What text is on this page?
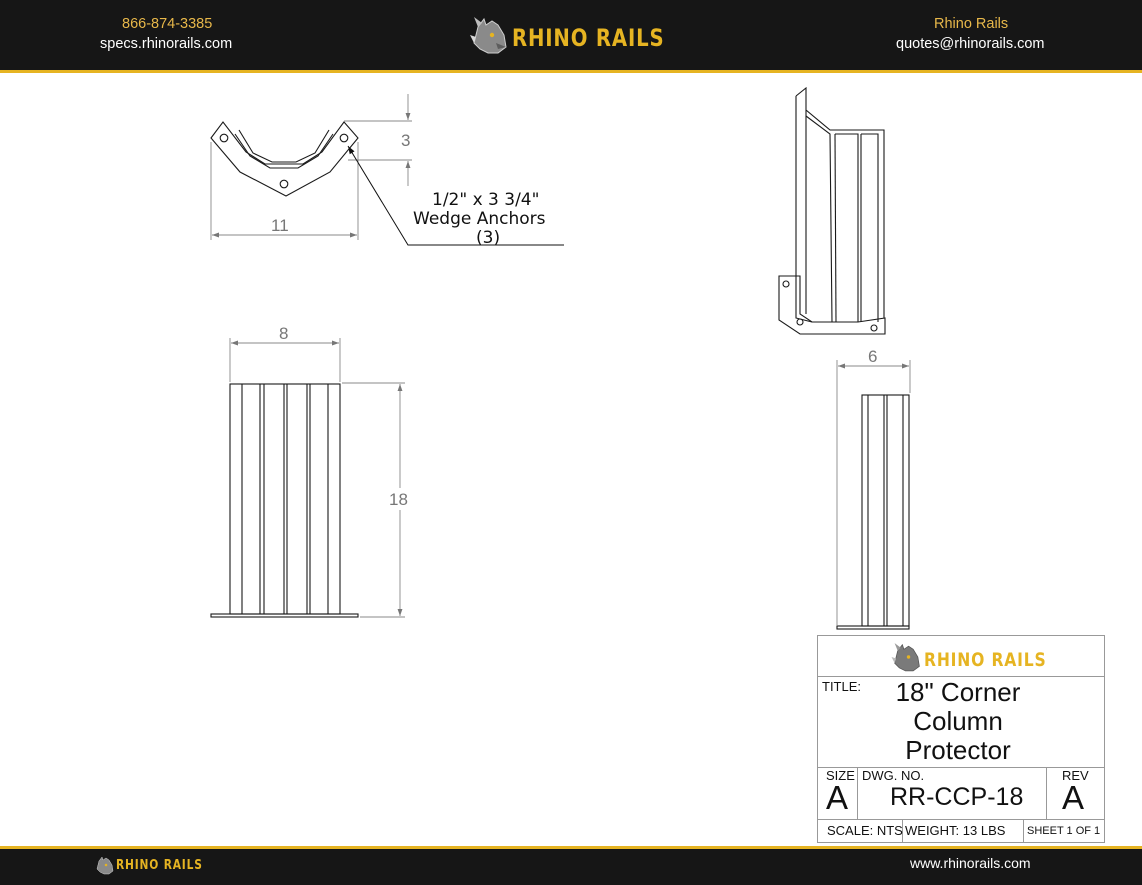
866-874-3385
specs.rhinorails.com	RHINO RAILS	Rhino Rails
quotes@rhinorails.com
11
3
1/2" x 3 3/4"
Wedge Anchors
(3)
8
18
6
RHINO RAILS
TITLE:	18" Corner
Column
Protector
SIZE
A
DWG. NO.
RR-CCP-18
REV
A
SCALE: NTS WEIGHT: 13 LBS SHEET 1 OF 1
RHINO RAILS	www.rhinorails.com
